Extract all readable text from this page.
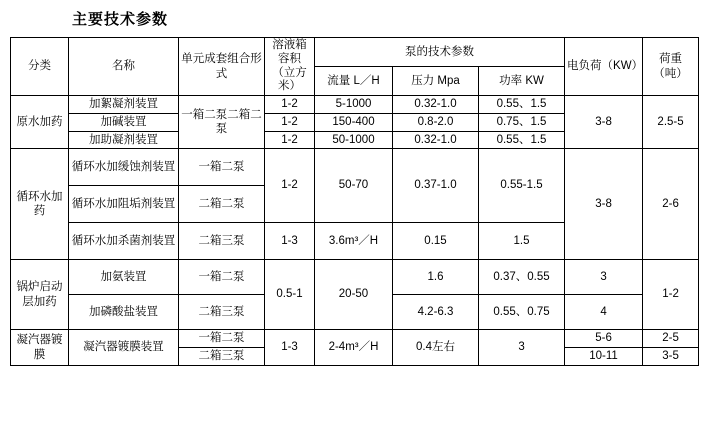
主要技术参数
分类	名称	单元成套组合形式	溶液箱容积（立方米）	泵的技术参数			电负荷（KW）	荷重（吨）
				流量 L／H	压力 Mpa	功率 KW		
原水加药	加絮凝剂装罝	一箱二泵二箱二泵	1-2	5-1000	0.32-1.0	0.55、1.5	3-8	2.5-5
	加碱装罝		1-2	150-400	0.8-2.0	0.75、1.5		
	加助凝剂装罝		1-2	50-1000	0.32-1.0	0.55、1.5		
循环水加药	循环水加缓蚀剂装罝	一箱二泵	1-2	50-70	0.37-1.0	0.55-1.5	3-8	2-6
	循环水加阻垢剂装罝	二箱二泵						
	循环水加杀菌剂装罝	二箱三泵	1-3	3.6m³／H	0.15	1.5		
锅炉启动层加药	加氨装罝	一箱二泵	0.5-1	20-50	1.6	0.37、0.55	3	1-2
	加磷酸盐装罝	二箱三泵			4.2-6.3	0.55、0.75	4	
凝汽器镀膜	凝汽器镀膜装罝	一箱二泵	1-3	2-4m³／H	0.4左右	3	5-6	2-5
		二箱三泵					10-11	3-5
